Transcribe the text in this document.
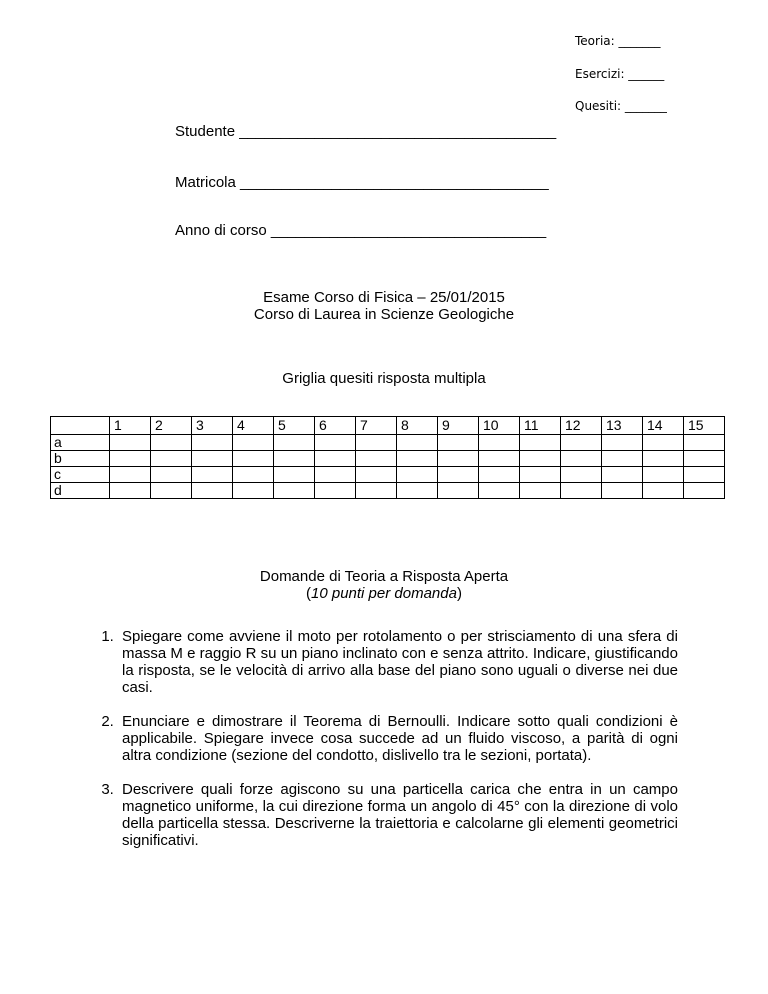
Teoria: _______
Esercizi: ______
Quesiti: _______
Studente ______________________________________
Matricola _____________________________________
Anno di corso _________________________________
Esame Corso di Fisica – 25/01/2015
Corso di Laurea in Scienze Geologiche
Griglia quesiti risposta multipla
	1	2	3	4	5	6	7	8	9	10	11	12	13	14	15
a															
b															
c															
d															
Domande di Teoria a Risposta Aperta
(10 punti per domanda)
1. Spiegare come avviene il moto per rotolamento o per strisciamento di una sfera di massa M e raggio R su un piano inclinato con e senza attrito. Indicare, giustificando la risposta, se le velocità di arrivo alla base del piano sono uguali o diverse nei due casi.
2. Enunciare e dimostrare il Teorema di Bernoulli. Indicare sotto quali condizioni è applicabile. Spiegare invece cosa succede ad un fluido viscoso, a parità di ogni altra condizione (sezione del condotto, dislivello tra le sezioni, portata).
3. Descrivere quali forze agiscono su una particella carica che entra in un campo magnetico uniforme, la cui direzione forma un angolo di 45° con la direzione di volo della particella stessa. Descriverne la traiettoria e calcolarne gli elementi geometrici significativi.
